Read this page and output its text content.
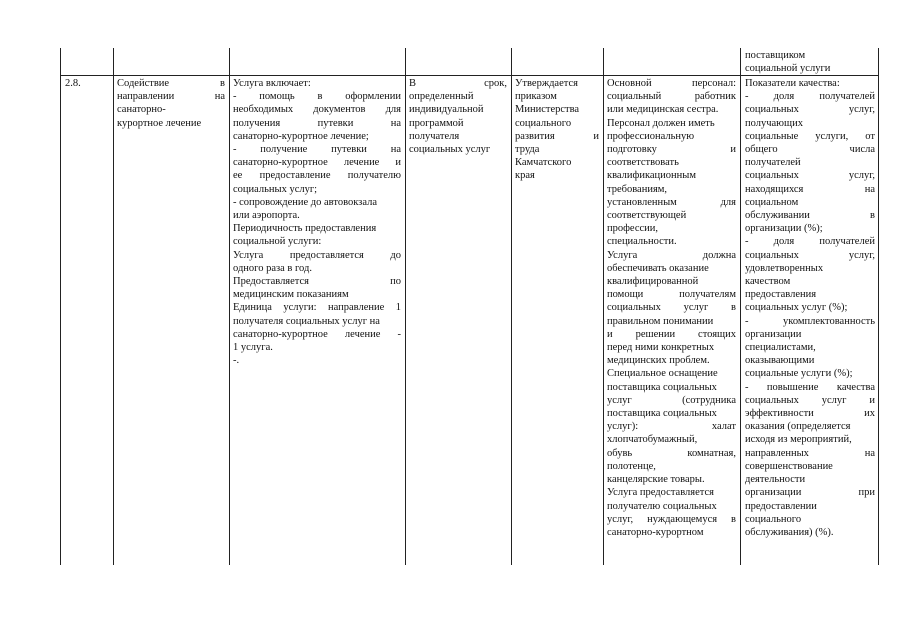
поставщиком
социальной услуги
2.8.	Содействие в
направлении на
санаторно-
курортное лечение
Услуга включает:
- помощь в оформлении
необходимых документов для
получения путевки на
санаторно-курортное лечение;
- получение путевки на
санаторно-курортное лечение и
ее предоставление получателю
социальных услуг;
- сопровождение до автовокзала
или аэропорта.
Периодичность предоставления
социальной услуги:
Услуга предоставляется до
одного раза в год.
Предоставляется по
медицинским показаниям
Единица услуги: направление 1
получателя социальных услуг на
санаторно-курортное лечение -
1 услуга.
-.
В срок,
определенный
индивидуальной
программой
получателя
социальных услуг
Утверждается
приказом
Министерства
социального
развития и
труда
Камчатского
края
Основной персонал:
социальный работник
или медицинская сестра.
Персонал должен иметь
профессиональную
подготовку и
соответствовать
квалификационным
требованиям,
установленным для
соответствующей
профессии,
специальности.
Услуга должна
обеспечивать оказание
квалифицированной
помощи получателям
социальных услуг в
правильном понимании
и решении стоящих
перед ними конкретных
медицинских проблем.
Специальное оснащение
поставщика социальных
услуг (сотрудника
поставщика социальных
услуг): халат
хлопчатобумажный,
обувь комнатная,
полотенце,
канцелярские товары.
Услуга предоставляется
получателю социальных
услуг, нуждающемуся в
санаторно-курортном
Показатели качества:
- доля получателей
социальных услуг,
получающих
социальные услуги, от
общего числа
получателей
социальных услуг,
находящихся на
социальном
обслуживании в
организации (%);
- доля получателей
социальных услуг,
удовлетворенных
качеством
предоставления
социальных услуг (%);
- укомплектованность
организации
специалистами,
оказывающими
социальные услуги (%);
- повышение качества
социальных услуг и
эффективности их
оказания (определяется
исходя из мероприятий,
направленных на
совершенствование
деятельности
организации при
предоставлении
социального
обслуживания) (%).
